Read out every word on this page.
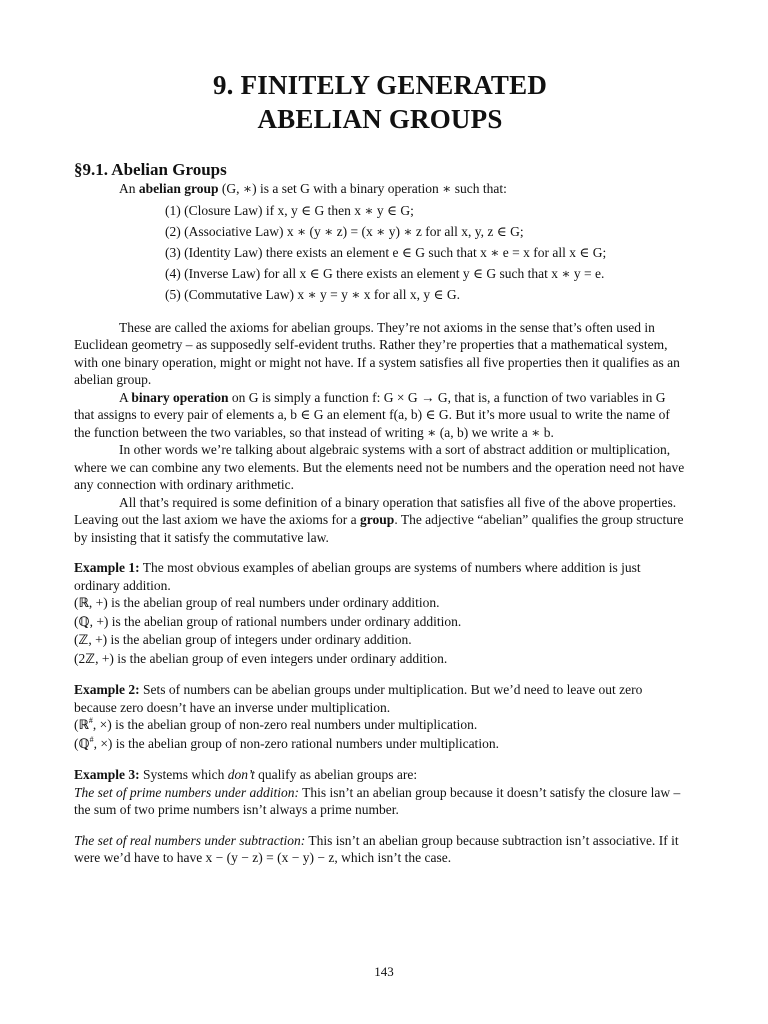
9. FINITELY GENERATED
ABELIAN GROUPS
§9.1. Abelian Groups

An abelian group (G, ∗) is a set G with a binary operation ∗ such that:

(1) (Closure Law) if x, y ∈ G then x ∗ y ∈ G;

(2) (Associative Law) x ∗ (y ∗ z) = (x ∗ y) ∗ z for all x, y, z ∈ G;

(3) (Identity Law) there exists an element e ∈ G such that x ∗ e = x for all x ∈ G;

(4) (Inverse Law) for all x ∈ G there exists an element y ∈ G such that x ∗ y = e.

(5) (Commutative Law) x ∗ y = y ∗ x for all x, y ∈ G.

These are called the axioms for abelian groups. They’re not axioms in the sense that’s often used in Euclidean geometry – as supposedly self-evident truths. Rather they’re properties that a mathematical system, with one binary operation, might or might not have. If a system satisfies all five properties then it qualifies as an abelian group.

A binary operation on G is simply a function f: G × G → G, that is, a function of two variables in G that assigns to every pair of elements a, b ∈ G an element f(a, b) ∈ G. But it’s more usual to write the name of the function between the two variables, so that instead of writing ∗ (a, b) we write a ∗ b.

In other words we’re talking about algebraic systems with a sort of abstract addition or multiplication, where we can combine any two elements. But the elements need not be numbers and the operation need not have any connection with ordinary arithmetic.

All that’s required is some definition of a binary operation that satisfies all five of the above properties. Leaving out the last axiom we have the axioms for a group. The adjective “abelian” qualifies the group structure by insisting that it satisfy the commutative law.

Example 1: The most obvious examples of abelian groups are systems of numbers where addition is just ordinary addition.

(ℝ, +) is the abelian group of real numbers under ordinary addition.

(ℚ, +) is the abelian group of rational numbers under ordinary addition.

(ℤ, +) is the abelian group of integers under ordinary addition.

(2ℤ, +) is the abelian group of even integers under ordinary addition.

Example 2: Sets of numbers can be abelian groups under multiplication. But we’d need to leave out zero because zero doesn’t have an inverse under multiplication.

(ℝ#, ×) is the abelian group of non-zero real numbers under multiplication.

(ℚ#, ×) is the abelian group of non-zero rational numbers under multiplication.

Example 3: Systems which don’t qualify as abelian groups are:

The set of prime numbers under addition: This isn’t an abelian group because it doesn’t satisfy the closure law – the sum of two prime numbers isn’t always a prime number.

The set of real numbers under subtraction: This isn’t an abelian group because subtraction isn’t associative. If it were we’d have to have x − (y − z) = (x − y) − z, which isn’t the case.

143
